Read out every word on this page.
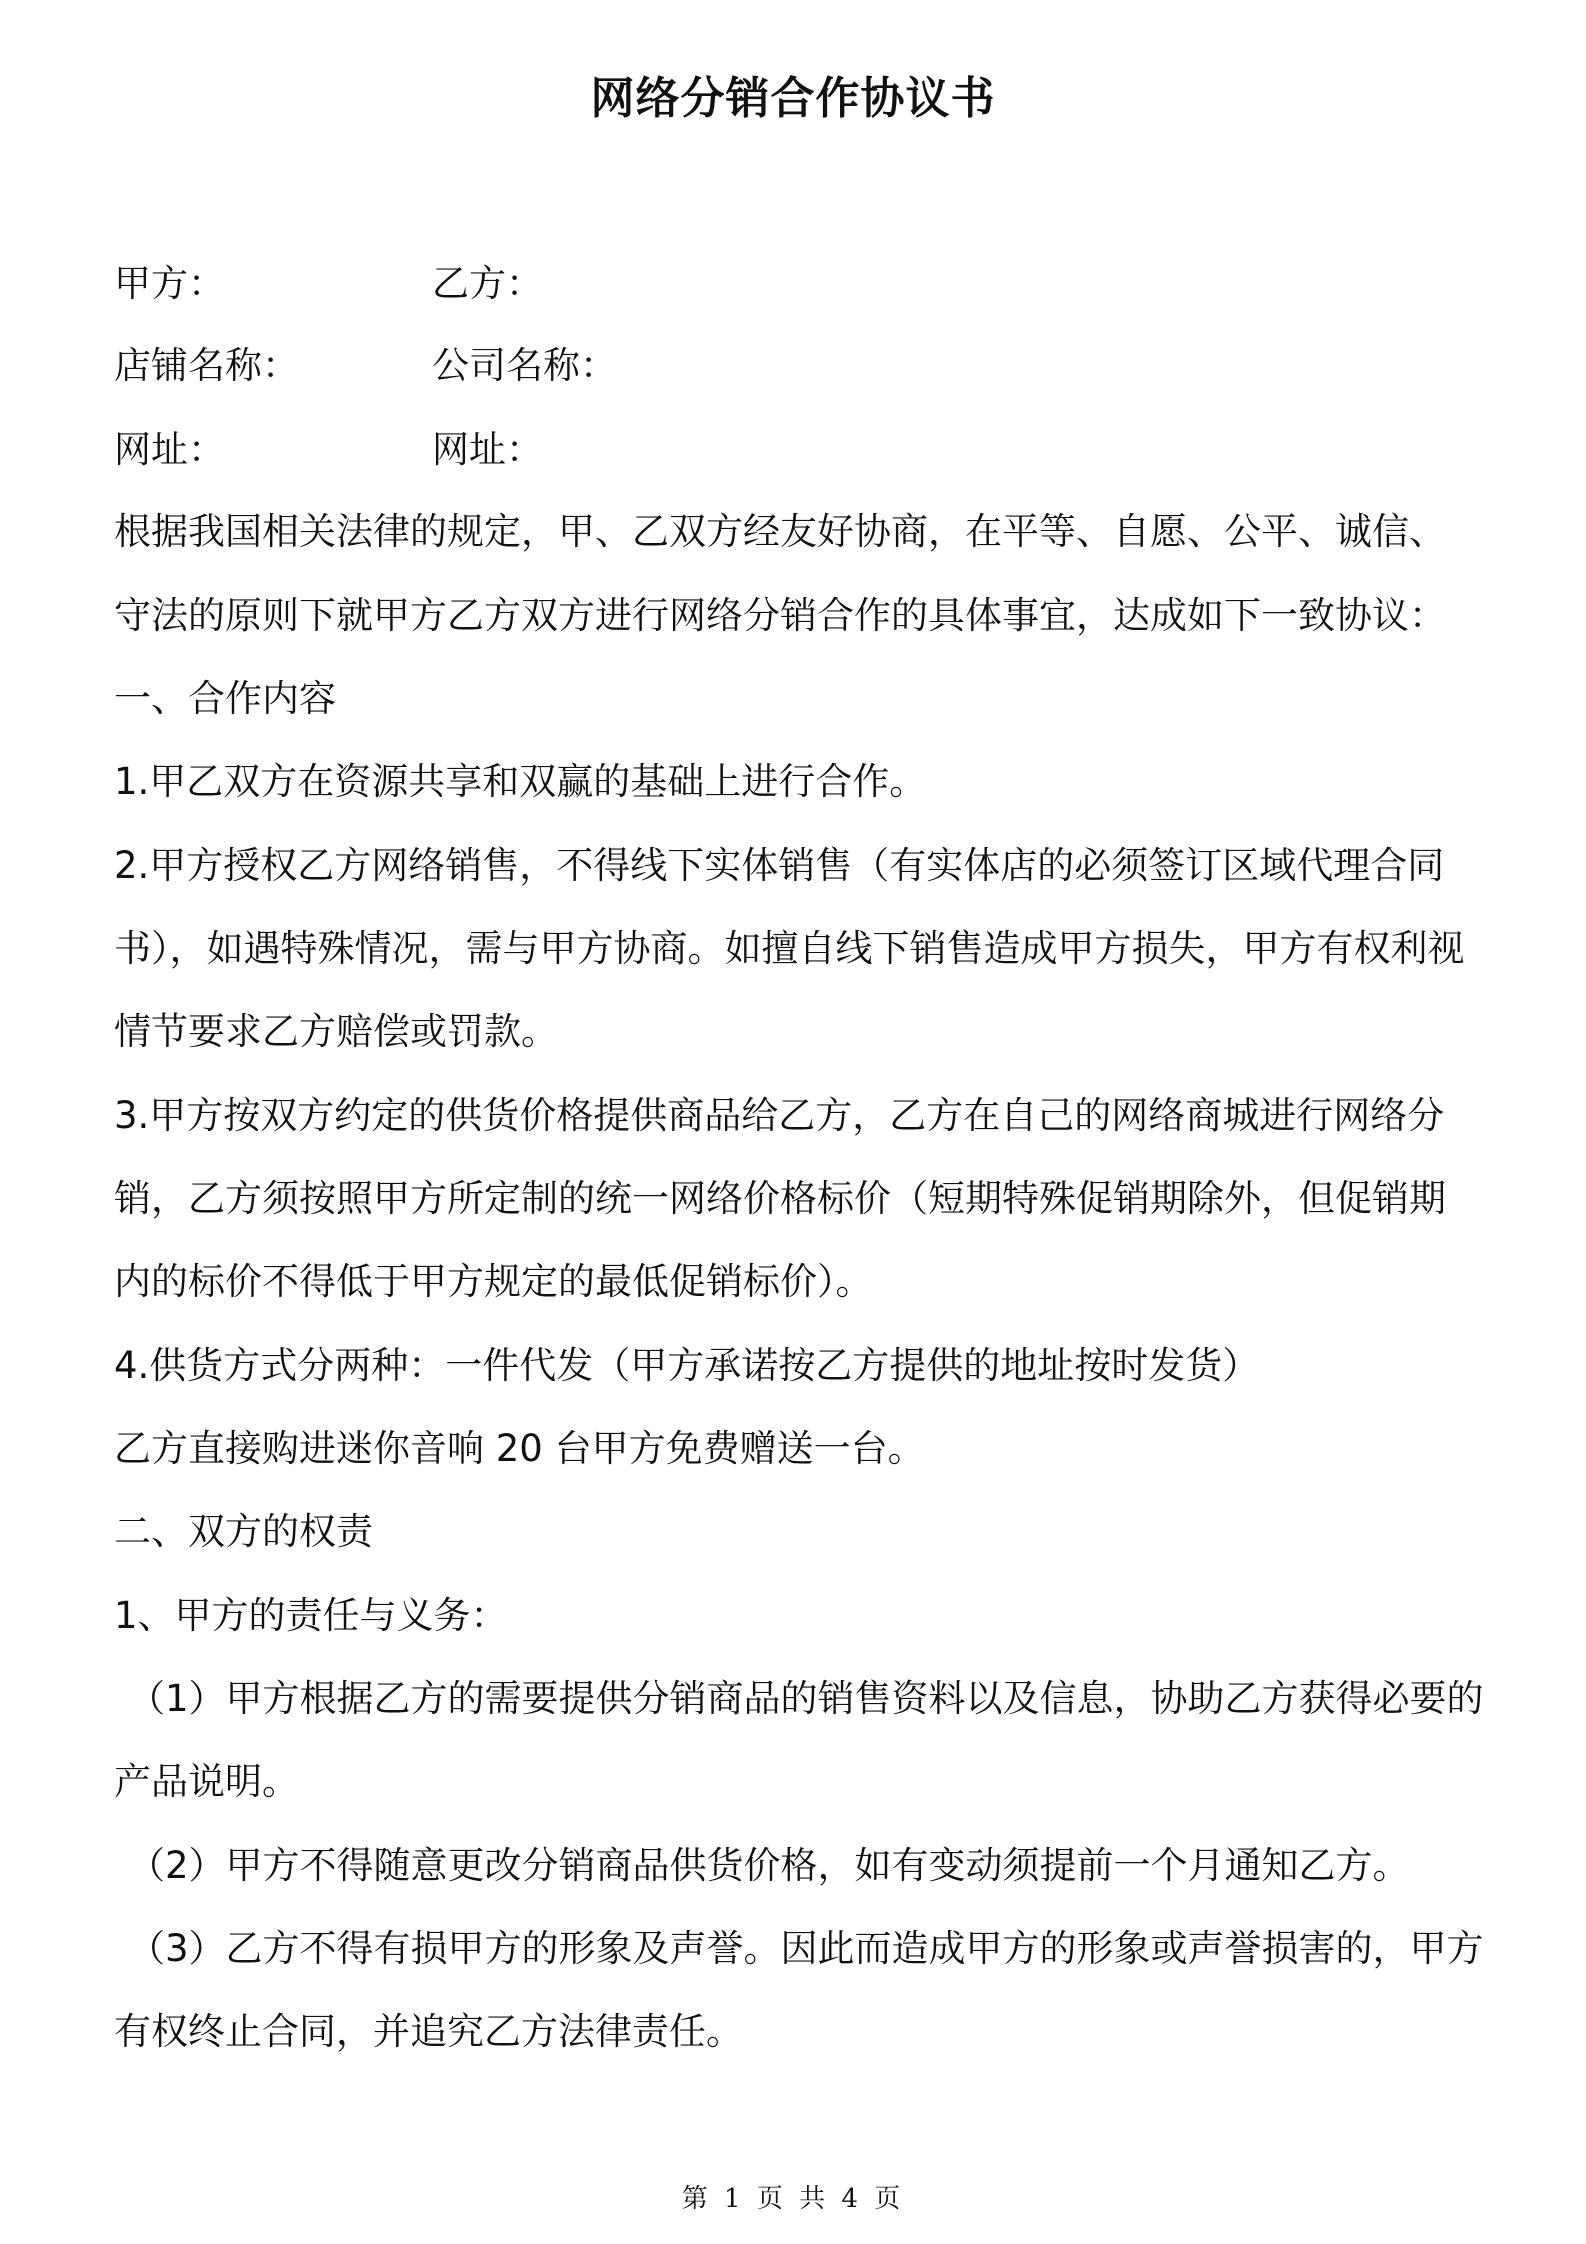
网络分销合作协议书
甲方：	乙方：
店铺名称：	公司名称：
网址：	网址：
根据我国相关法律的规定，甲、乙双方经友好协商，在平等、自愿、公平、诚信、
守法的原则下就甲方乙方双方进行网络分销合作的具体事宜，达成如下一致协议：
一、合作内容
1.甲乙双方在资源共享和双赢的基础上进行合作。
2.甲方授权乙方网络销售，不得线下实体销售（有实体店的必须签订区域代理合同
书），如遇特殊情况，需与甲方协商。如擅自线下销售造成甲方损失，甲方有权利视
情节要求乙方赔偿或罚款。
3.甲方按双方约定的供货价格提供商品给乙方，乙方在自己的网络商城进行网络分
销，乙方须按照甲方所定制的统一网络价格标价（短期特殊促销期除外，但促销期
内的标价不得低于甲方规定的最低促销标价）。
4.供货方式分两种：一件代发（甲方承诺按乙方提供的地址按时发货）
乙方直接购进迷你音响 20 台甲方免费赠送一台。
二、双方的权责
1、甲方的责任与义务：
（1）甲方根据乙方的需要提供分销商品的销售资料以及信息，协助乙方获得必要的
产品说明。
（2）甲方不得随意更改分销商品供货价格，如有变动须提前一个月通知乙方。
（3）乙方不得有损甲方的形象及声誉。因此而造成甲方的形象或声誉损害的，甲方
有权终止合同，并追究乙方法律责任。
第 1 页 共 4 页
